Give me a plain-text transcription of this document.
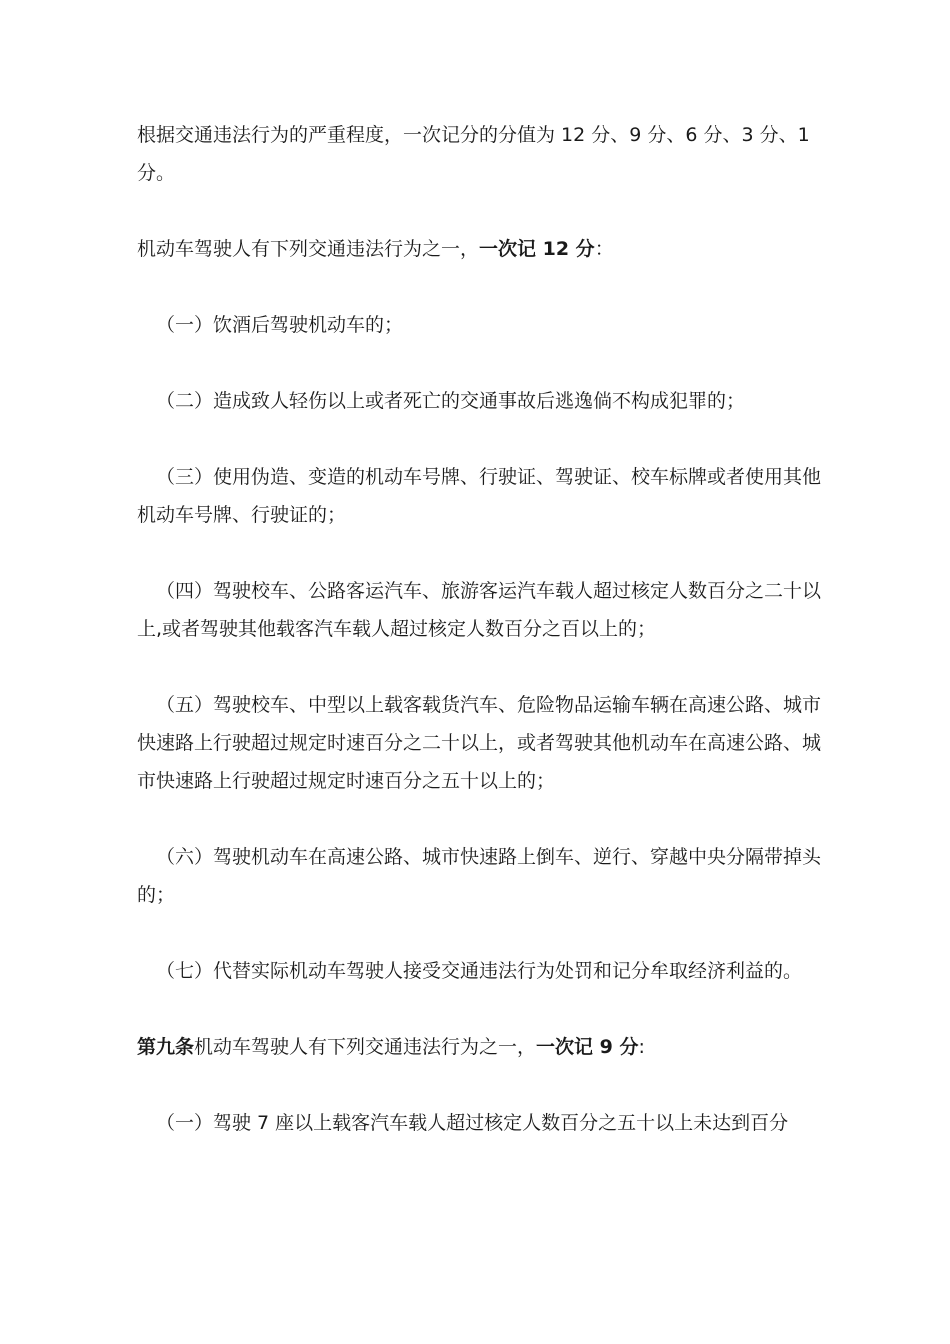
根据交通违法行为的严重程度，一次记分的分值为 12 分、9 分、6 分、3 分、1 分。

机动车驾驶人有下列交通违法行为之一，一次记 12 分：

（一）饮酒后驾驶机动车的；

（二）造成致人轻伤以上或者死亡的交通事故后逃逸倘不构成犯罪的；

（三）使用伪造、变造的机动车号牌、行驶证、驾驶证、校车标牌或者使用其他机动车号牌、行驶证的；

（四）驾驶校车、公路客运汽车、旅游客运汽车载人超过核定人数百分之二十以上,或者驾驶其他载客汽车载人超过核定人数百分之百以上的；

（五）驾驶校车、中型以上载客载货汽车、危险物品运输车辆在高速公路、城市快速路上行驶超过规定时速百分之二十以上，或者驾驶其他机动车在高速公路、城市快速路上行驶超过规定时速百分之五十以上的；

（六）驾驶机动车在高速公路、城市快速路上倒车、逆行、穿越中央分隔带掉头的；

（七）代替实际机动车驾驶人接受交通违法行为处罚和记分牟取经济利益的。

第九条机动车驾驶人有下列交通违法行为之一，一次记 9 分:

（一）驾驶 7 座以上载客汽车载人超过核定人数百分之五十以上未达到百分
